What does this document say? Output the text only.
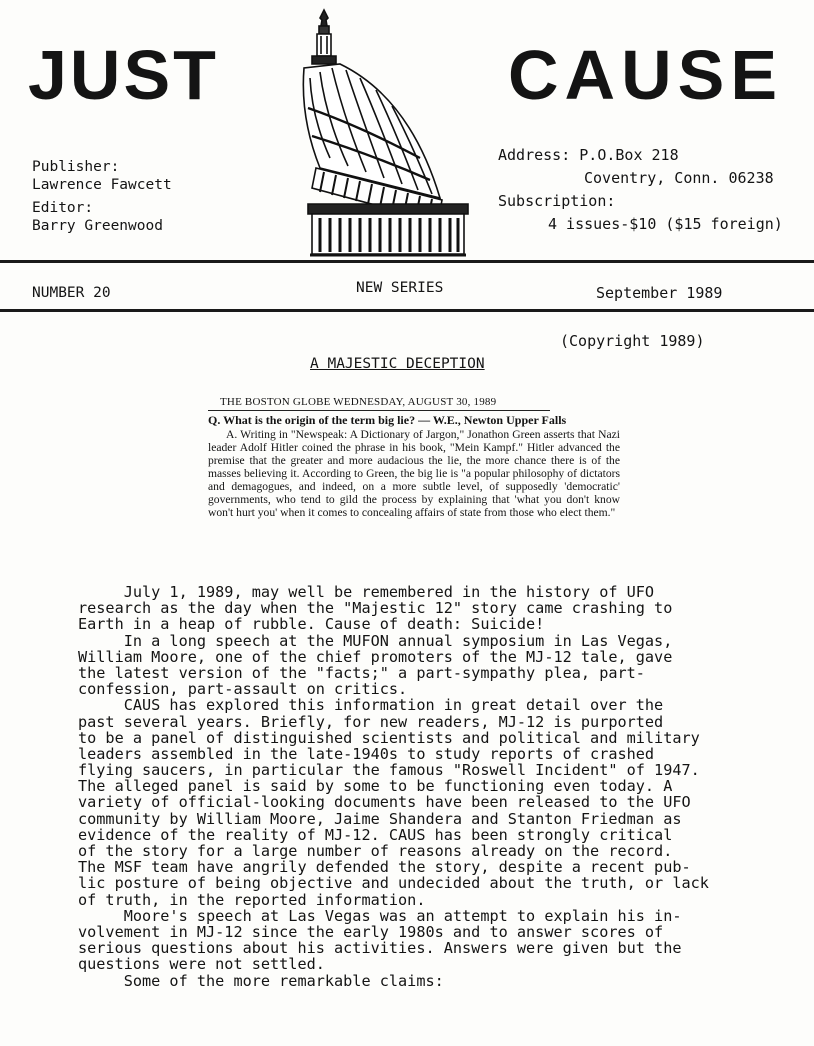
JUST	CAUSE
Publisher:
Lawrence Fawcett
Editor:
Barry Greenwood
Address: P.O.Box 218
Coventry, Conn. 06238
Subscription:
4 issues-$10 ($15 foreign)
NUMBER 20	NEW SERIES	September 1989
(Copyright 1989)
A MAJESTIC DECEPTION
THE BOSTON GLOBE WEDNESDAY, AUGUST 30, 1989
Q. What is the origin of the term big lie? — W.E., Newton Upper Falls
A. Writing in "Newspeak: A Dictionary of Jargon," Jonathon Green asserts that Nazi leader Adolf Hitler coined the phrase in his book, "Mein Kampf." Hitler advanced the premise that the greater and more audacious the lie, the more chance there is of the masses believing it. According to Green, the big lie is "a popular philosophy of dictators and demagogues, and indeed, on a more subtle level, of supposedly 'democratic' governments, who tend to gild the process by explaining that 'what you don't know won't hurt you' when it comes to concealing affairs of state from those who elect them."
July 1, 1989, may well be remembered in the history of UFO
research as the day when the "Majestic 12" story came crashing to
Earth in a heap of rubble. Cause of death: Suicide!
In a long speech at the MUFON annual symposium in Las Vegas,
William Moore, one of the chief promoters of the MJ-12 tale, gave
the latest version of the "facts;" a part-sympathy plea, part-
confession, part-assault on critics.
CAUS has explored this information in great detail over the
past several years. Briefly, for new readers, MJ-12 is purported
to be a panel of distinguished scientists and political and military
leaders assembled in the late-1940s to study reports of crashed
flying saucers, in particular the famous "Roswell Incident" of 1947.
The alleged panel is said by some to be functioning even today. A
variety of official-looking documents have been released to the UFO
community by William Moore, Jaime Shandera and Stanton Friedman as
evidence of the reality of MJ-12. CAUS has been strongly critical
of the story for a large number of reasons already on the record.
The MSF team have angrily defended the story, despite a recent pub-
lic posture of being objective and undecided about the truth, or lack
of truth, in the reported information.
Moore's speech at Las Vegas was an attempt to explain his in-
volvement in MJ-12 since the early 1980s and to answer scores of
serious questions about his activities. Answers were given but the
questions were not settled.
Some of the more remarkable claims:
